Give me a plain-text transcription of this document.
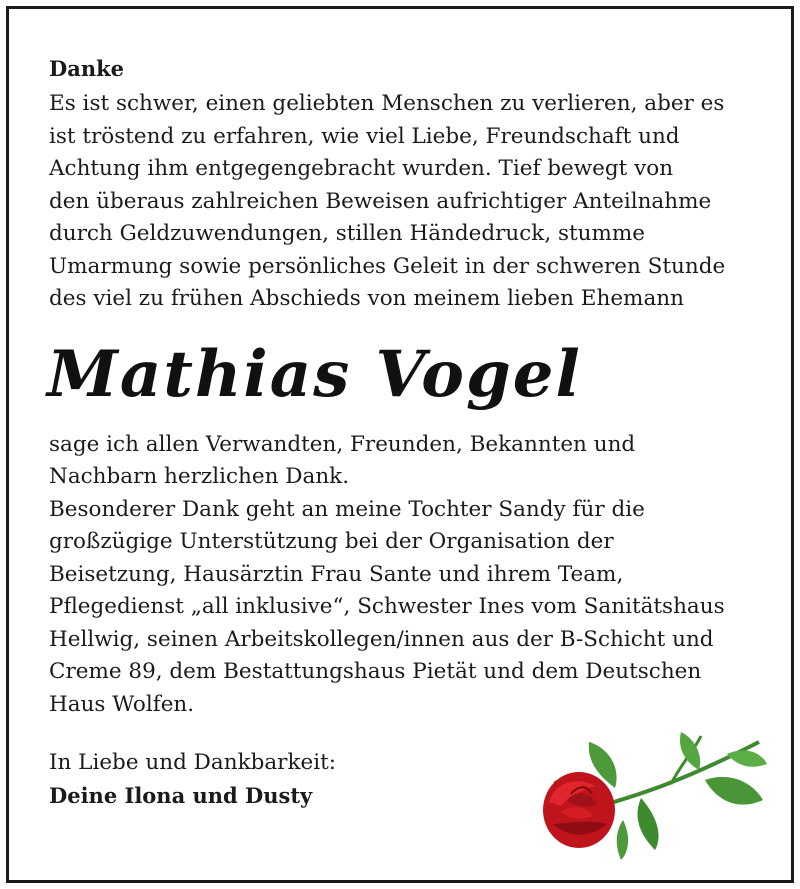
Danke
Es ist schwer, einen geliebten Menschen zu verlieren, aber es
ist tröstend zu erfahren, wie viel Liebe, Freundschaft und
Achtung ihm entgegengebracht wurden. Tief bewegt von
den überaus zahlreichen Beweisen aufrichtiger Anteilnahme
durch Geldzuwendungen, stillen Händedruck, stumme
Umarmung sowie persönliches Geleit in der schweren Stunde
des viel zu frühen Abschieds von meinem lieben Ehemann
Mathias Vogel
sage ich allen Verwandten, Freunden, Bekannten und
Nachbarn herzlichen Dank.
Besonderer Dank geht an meine Tochter Sandy für die
großzügige Unterstützung bei der Organisation der
Beisetzung, Hausärztin Frau Sante und ihrem Team,
Pflegedienst „all inklusive“, Schwester Ines vom Sanitätshaus
Hellwig, seinen Arbeitskollegen/innen aus der B-Schicht und
Creme 89, dem Bestattungshaus Pietät und dem Deutschen
Haus Wolfen.
In Liebe und Dankbarkeit:
Deine Ilona und Dusty
